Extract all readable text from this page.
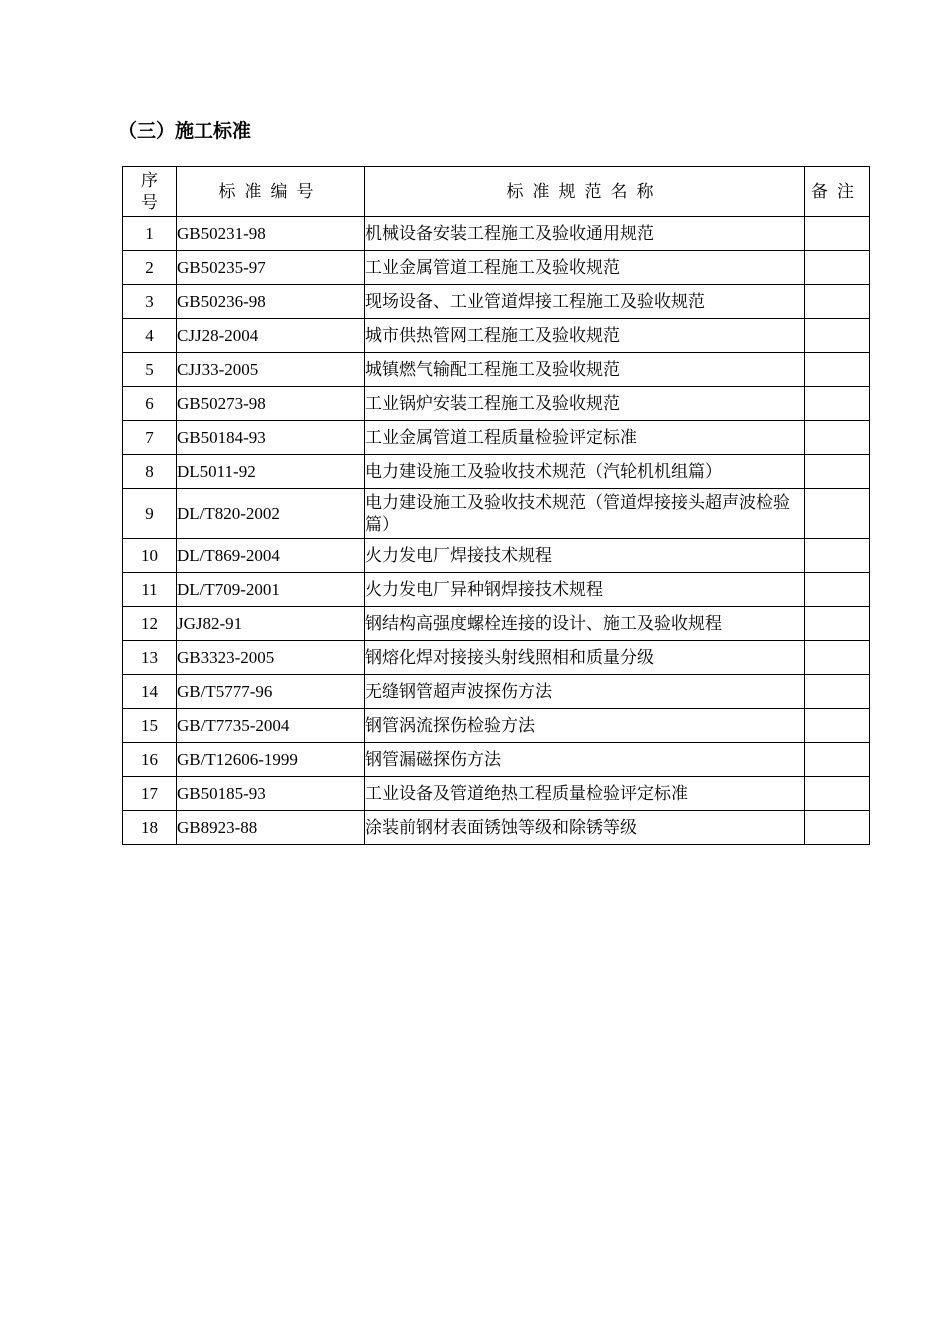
（三）施工标准
序
号	标准编号	标准规范名称	备注
1	GB50231-98	机械设备安装工程施工及验收通用规范	
2	GB50235-97	工业金属管道工程施工及验收规范	
3	GB50236-98	现场设备、工业管道焊接工程施工及验收规范	
4	CJJ28-2004	城市供热管网工程施工及验收规范	
5	CJJ33-2005	城镇燃气输配工程施工及验收规范	
6	GB50273-98	工业锅炉安装工程施工及验收规范	
7	GB50184-93	工业金属管道工程质量检验评定标准	
8	DL5011-92	电力建设施工及验收技术规范（汽轮机机组篇）	
9	DL/T820-2002	电力建设施工及验收技术规范（管道焊接接头超声波检验篇）	
10	DL/T869-2004	火力发电厂焊接技术规程	
11	DL/T709-2001	火力发电厂异种钢焊接技术规程	
12	JGJ82-91	钢结构高强度螺栓连接的设计、施工及验收规程	
13	GB3323-2005	钢熔化焊对接接头射线照相和质量分级	
14	GB/T5777-96	无缝钢管超声波探伤方法	
15	GB/T7735-2004	钢管涡流探伤检验方法	
16	GB/T12606-1999	钢管漏磁探伤方法	
17	GB50185-93	工业设备及管道绝热工程质量检验评定标准	
18	GB8923-88	涂装前钢材表面锈蚀等级和除锈等级	
